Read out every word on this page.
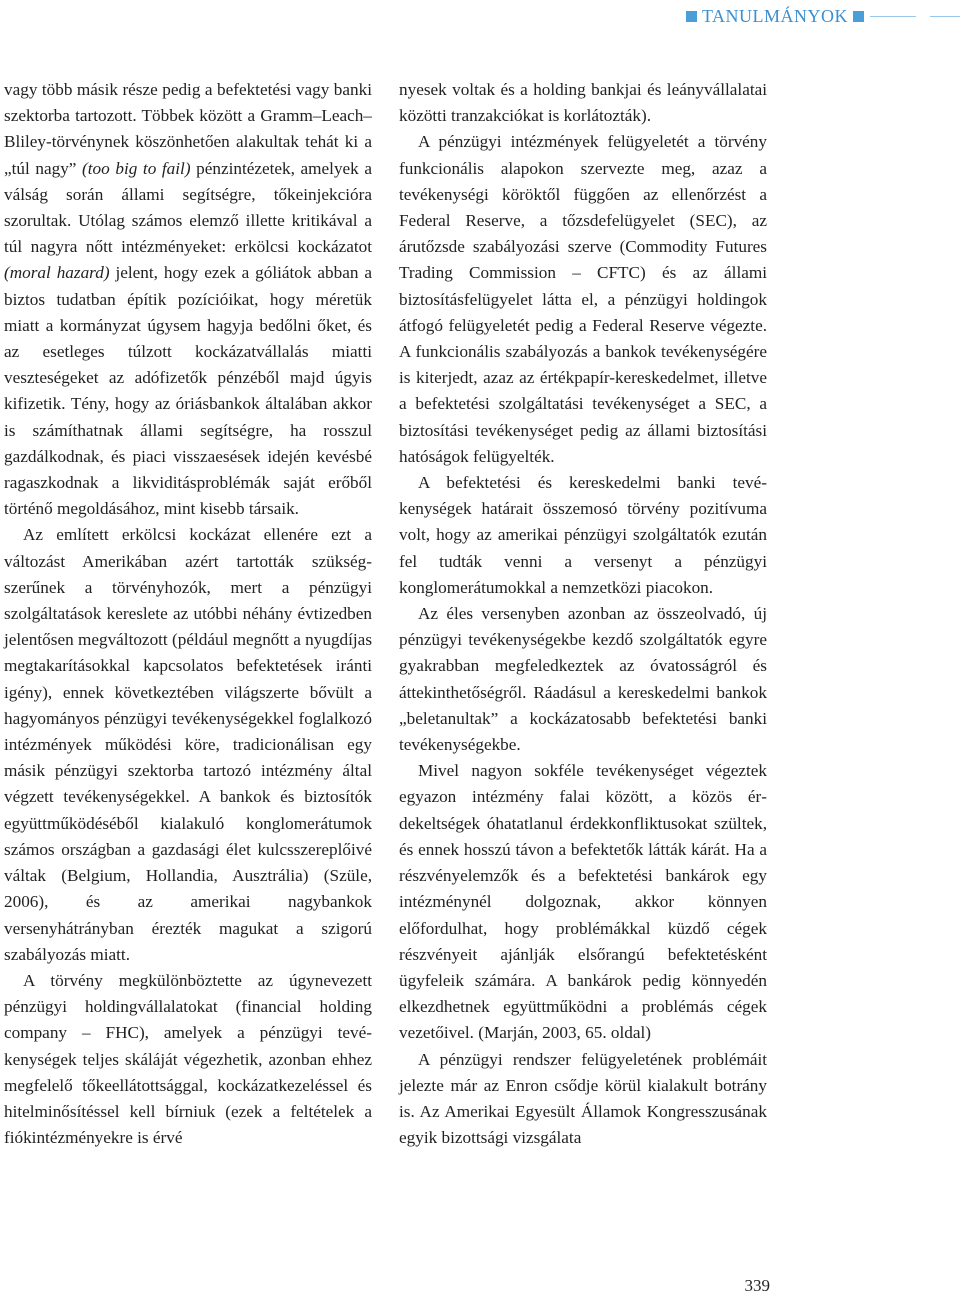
TANULMÁNYOK

vagy több másik része pedig a befektetési vagy banki szektorba tartozott. Többek között a Gramm–Leach–Bliley-törvénynek köszönhetően alakultak tehát ki a „túl nagy” (too big to fail) pénzintézetek, amelyek a válság során állami segítségre, tőkeinjekcióra szorultak. Utólag számos elemző illette kritikával a túl nagyra nőtt intézményeket: erkölcsi kockázatot (moral hazard) jelent, hogy ezek a góliátok abban a biztos tudatban építik pozícióikat, hogy méretük miatt a kormányzat úgysem hagyja bedőlni őket, és az esetleges túlzott kockázatvállalás miatti veszteségeket az adófizetők pénzéből majd úgyis kifizetik. Tény, hogy az óriásbankok általában akkor is számíthatnak állami segítségre, ha rosszul gazdálkodnak, és piaci visszaesések idején kevésbé ragaszkodnak a likviditásproblémák saját erőből történő megoldásához, mint kisebb társaik.

Az említett erkölcsi kockázat ellenére ezt a változást Amerikában azért tartották szükségszerűnek a törvényhozók, mert a pénzügyi szolgáltatások kereslete az utóbbi néhány évtizedben jelentősen megváltozott (például megnőtt a nyugdíjas megtakarításokkal kapcsolatos befektetések iránti igény), ennek következtében világszerte bővült a hagyományos pénzügyi tevékenységekkel foglalkozó intézmények működési köre, tradicionálisan egy másik pénzügyi szektorba tartozó intézmény által végzett tevékenységekkel. A bankok és biztosítók együttműködéséből kialakuló konglomerátumok számos országban a gazdasági élet kulcsszereplőivé váltak (Belgium, Hollandia, Ausztrália) (Szüle, 2006), és az amerikai nagybankok versenyhátrányban érezték magukat a szigorú szabályozás miatt.

A törvény megkülönböztette az úgynevezett pénzügyi holdingvállalatokat (financial holding company – FHC), amelyek a pénzügyi tevékenységek teljes skáláját végezhetik, azonban ehhez megfelelő tőkeellátottsággal, kockázatkezeléssel és hitelminősítéssel kell bírniuk (ezek a feltételek a fiókintézményekre is érvé

nyesek voltak és a holding bankjai és leányvállalatai közötti tranzakciókat is korlátozták).

A pénzügyi intézmények felügyeletét a törvény funkcionális alapokon szervezte meg, azaz a tevékenységi köröktől függően az ellenőrzést a Federal Reserve, a tőzsdefelügyelet (SEC), az árutőzsde szabályozási szerve (Commodity Futures Trading Commission – CFTC) és az állami biztosításfelügyelet látta el, a pénzügyi holdingok átfogó felügyeletét pedig a Federal Reserve végezte. A funkcionális szabályozás a bankok tevékenységére is kiterjedt, azaz az értékpapír-kereskedelmet, illetve a befektetési szolgáltatási tevékenységet a SEC, a biztosítási tevékenységet pedig az állami biztosítási hatóságok felügyelték.

A befektetési és kereskedelmi banki tevékenységek határait összemosó törvény pozitívuma volt, hogy az amerikai pénzügyi szolgáltatók ezután fel tudták venni a versenyt a pénzügyi konglomerátumokkal a nemzetközi piacokon.

Az éles versenyben azonban az összeolvadó, új pénzügyi tevékenységekbe kezdő szolgáltatók egyre gyakrabban megfeledkeztek az óvatosságról és áttekinthetőségről. Ráadásul a kereskedelmi bankok „beletanultak” a kockázatosabb befektetési banki tevékenységekbe.

Mivel nagyon sokféle tevékenységet végeztek egyazon intézmény falai között, a közös érdekeltségek óhatatlanul érdekkonfliktusokat szültek, és ennek hosszú távon a befektetők látták kárát. Ha a részvényelemzők és a befektetési bankárok egy intézménynél dolgoznak, akkor könnyen előfordulhat, hogy problémákkal küzdő cégek részvényeit ajánlják elsőrangú befektetésként ügyfeleik számára. A bankárok pedig könnyedén elkezdhetnek együttműködni a problémás cégek vezetőivel. (Marján, 2003, 65. oldal)

A pénzügyi rendszer felügyeletének problémáit jelezte már az Enron csődje körül kialakult botrány is. Az Amerikai Egyesült Államok Kongresszusának egyik bizottsági vizsgálata

339
